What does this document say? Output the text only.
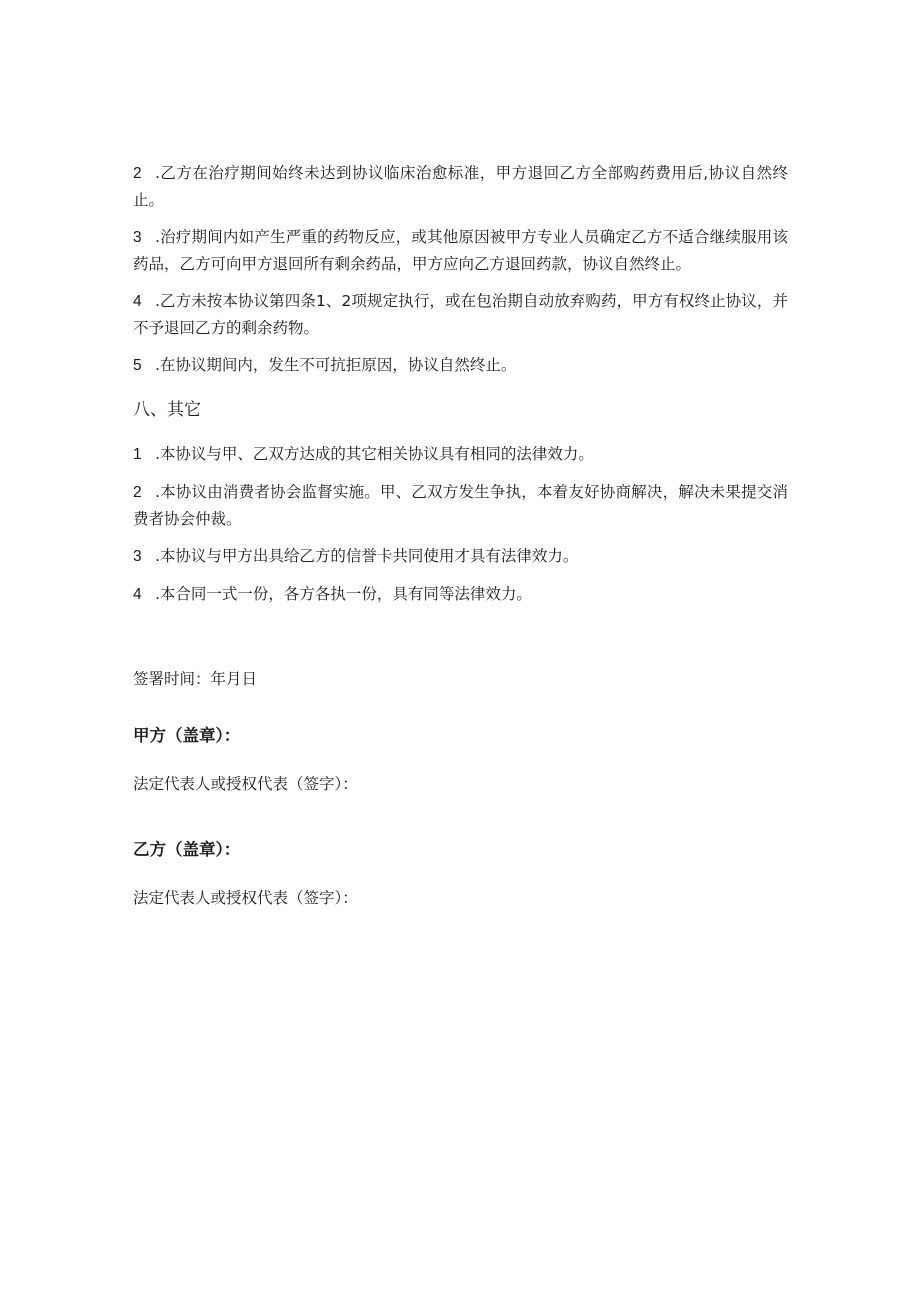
2 .乙方在治疗期间始终未达到协议临床治愈标准，甲方退回乙方全部购药费用后,协议自然终止。

3 .治疗期间内如产生严重的药物反应，或其他原因被甲方专业人员确定乙方不适合继续服用该药品，乙方可向甲方退回所有剩余药品，甲方应向乙方退回药款，协议自然终止。

4 .乙方未按本协议第四条1、2项规定执行，或在包治期自动放弃购药，甲方有权终止协议，并不予退回乙方的剩余药物。

5 .在协议期间内，发生不可抗拒原因，协议自然终止。

八、其它

1 .本协议与甲、乙双方达成的其它相关协议具有相同的法律效力。

2 .本协议由消费者协会监督实施。甲、乙双方发生争执，本着友好协商解决，解决未果提交消费者协会仲裁。

3 .本协议与甲方出具给乙方的信誉卡共同使用才具有法律效力。

4 .本合同一式一份，各方各执一份，具有同等法律效力。

签署时间：年月日

甲方（盖章）：

法定代表人或授权代表（签字）：

乙方（盖章）：

法定代表人或授权代表（签字）：
